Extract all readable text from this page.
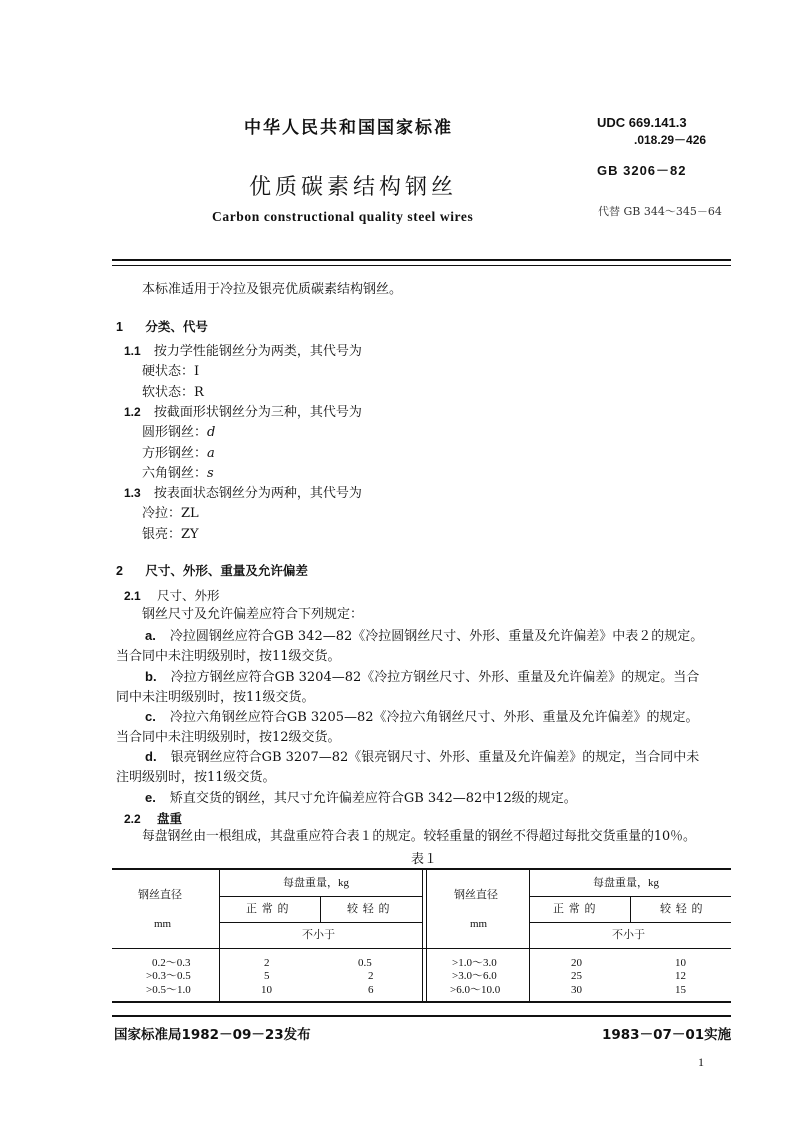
中华人民共和国国家标准	UDC 669.141.3
.018.29－426
GB 3206－82
优质碳素结构钢丝
代替 GB 344～345－64
Carbon constructional quality steel wires
本标准适用于冷拉及银亮优质碳素结构钢丝。
1 分类、代号
1.1 按力学性能钢丝分为两类，其代号为
硬状态：Ⅰ
软状态：R
1.2 按截面形状钢丝分为三种，其代号为
圆形钢丝：d
方形钢丝：a
六角钢丝：s
1.3 按表面状态钢丝分为两种，其代号为
冷拉：ZL
银亮：ZY
2 尺寸、外形、重量及允许偏差
2.1 尺寸、外形
钢丝尺寸及允许偏差应符合下列规定：
a. 冷拉圆钢丝应符合GB 342—82《冷拉圆钢丝尺寸、外形、重量及允许偏差》中表２的规定。
当合同中未注明级别时，按11级交货。
b. 冷拉方钢丝应符合GB 3204—82《冷拉方钢丝尺寸、外形、重量及允许偏差》的规定。当合
同中未注明级别时，按11级交货。
c. 冷拉六角钢丝应符合GB 3205—82《冷拉六角钢丝尺寸、外形、重量及允许偏差》的规定。
当合同中未注明级别时，按12级交货。
d. 银亮钢丝应符合GB 3207—82《银亮钢尺寸、外形、重量及允许偏差》的规定，当合同中未
注明级别时，按11级交货。
e. 矫直交货的钢丝，其尺寸允许偏差应符合GB 342—82中12级的规定。
2.2 盘重
每盘钢丝由一根组成，其盘重应符合表１的规定。较轻重量的钢丝不得超过每批交货重量的10％。
表１
钢丝直径
mm
每盘重量，kg
正 常 的	较 轻 的
不小于
钢丝直径
mm
每盘重量，kg
正 常 的	较 轻 的
不小于
0.2～0.3	2	0.5
>0.3～0.5	5	2
>0.5～1.0	10	6
>1.0～3.0	20	10
>3.0～6.0	25	12
>6.0～10.0	30	15
国家标准局1982－09－23发布	1983－07－01实施
1
